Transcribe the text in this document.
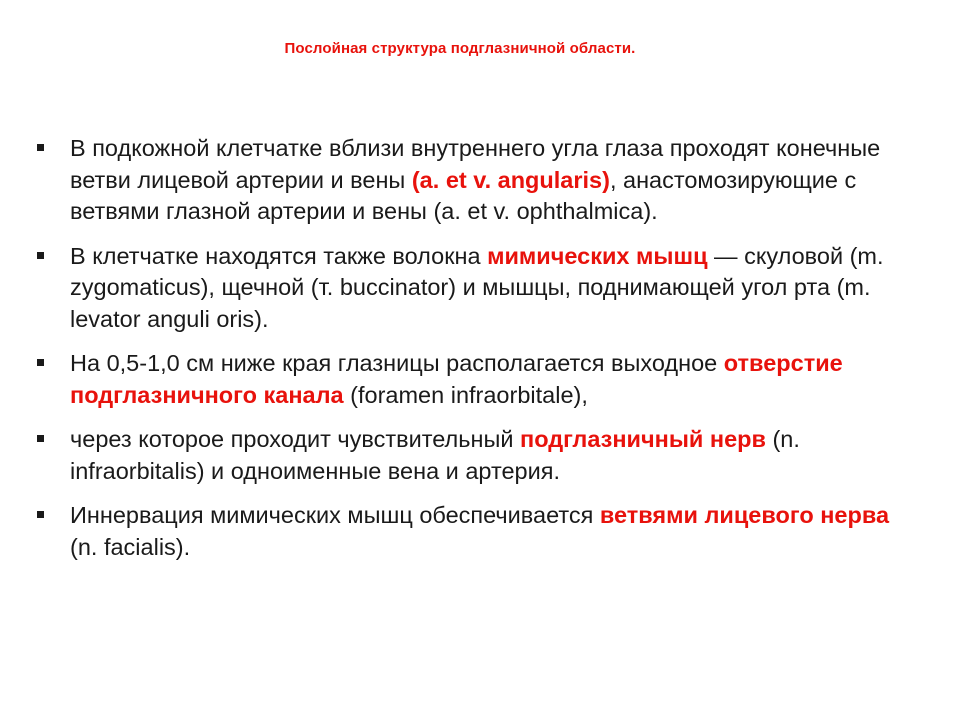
Послойная структура подглазничной области.
В подкожной клетчатке вблизи внутреннего угла глаза проходят конечные ветви лицевой артерии и вены (a. et v. angularis), анастомозирующие с ветвями глазной артерии и вены (a. et v. ophthalmica).
В клетчатке находятся также волокна мимических мышц — скуловой (m. zygomaticus), щечной (т. buccinator) и мышцы, поднимающей угол рта (m. levator anguli oris).
На 0,5-1,0 см ниже края глазницы располагается выходное отверстие подглазничного канала (foramen infraorbitale),
через которое проходит чувствительный подглазничный нерв (n. infraorbitalis) и одноименные вена и артерия.
Иннервация мимических мышц обеспечивается ветвями лицевого нерва (n. facialis).
